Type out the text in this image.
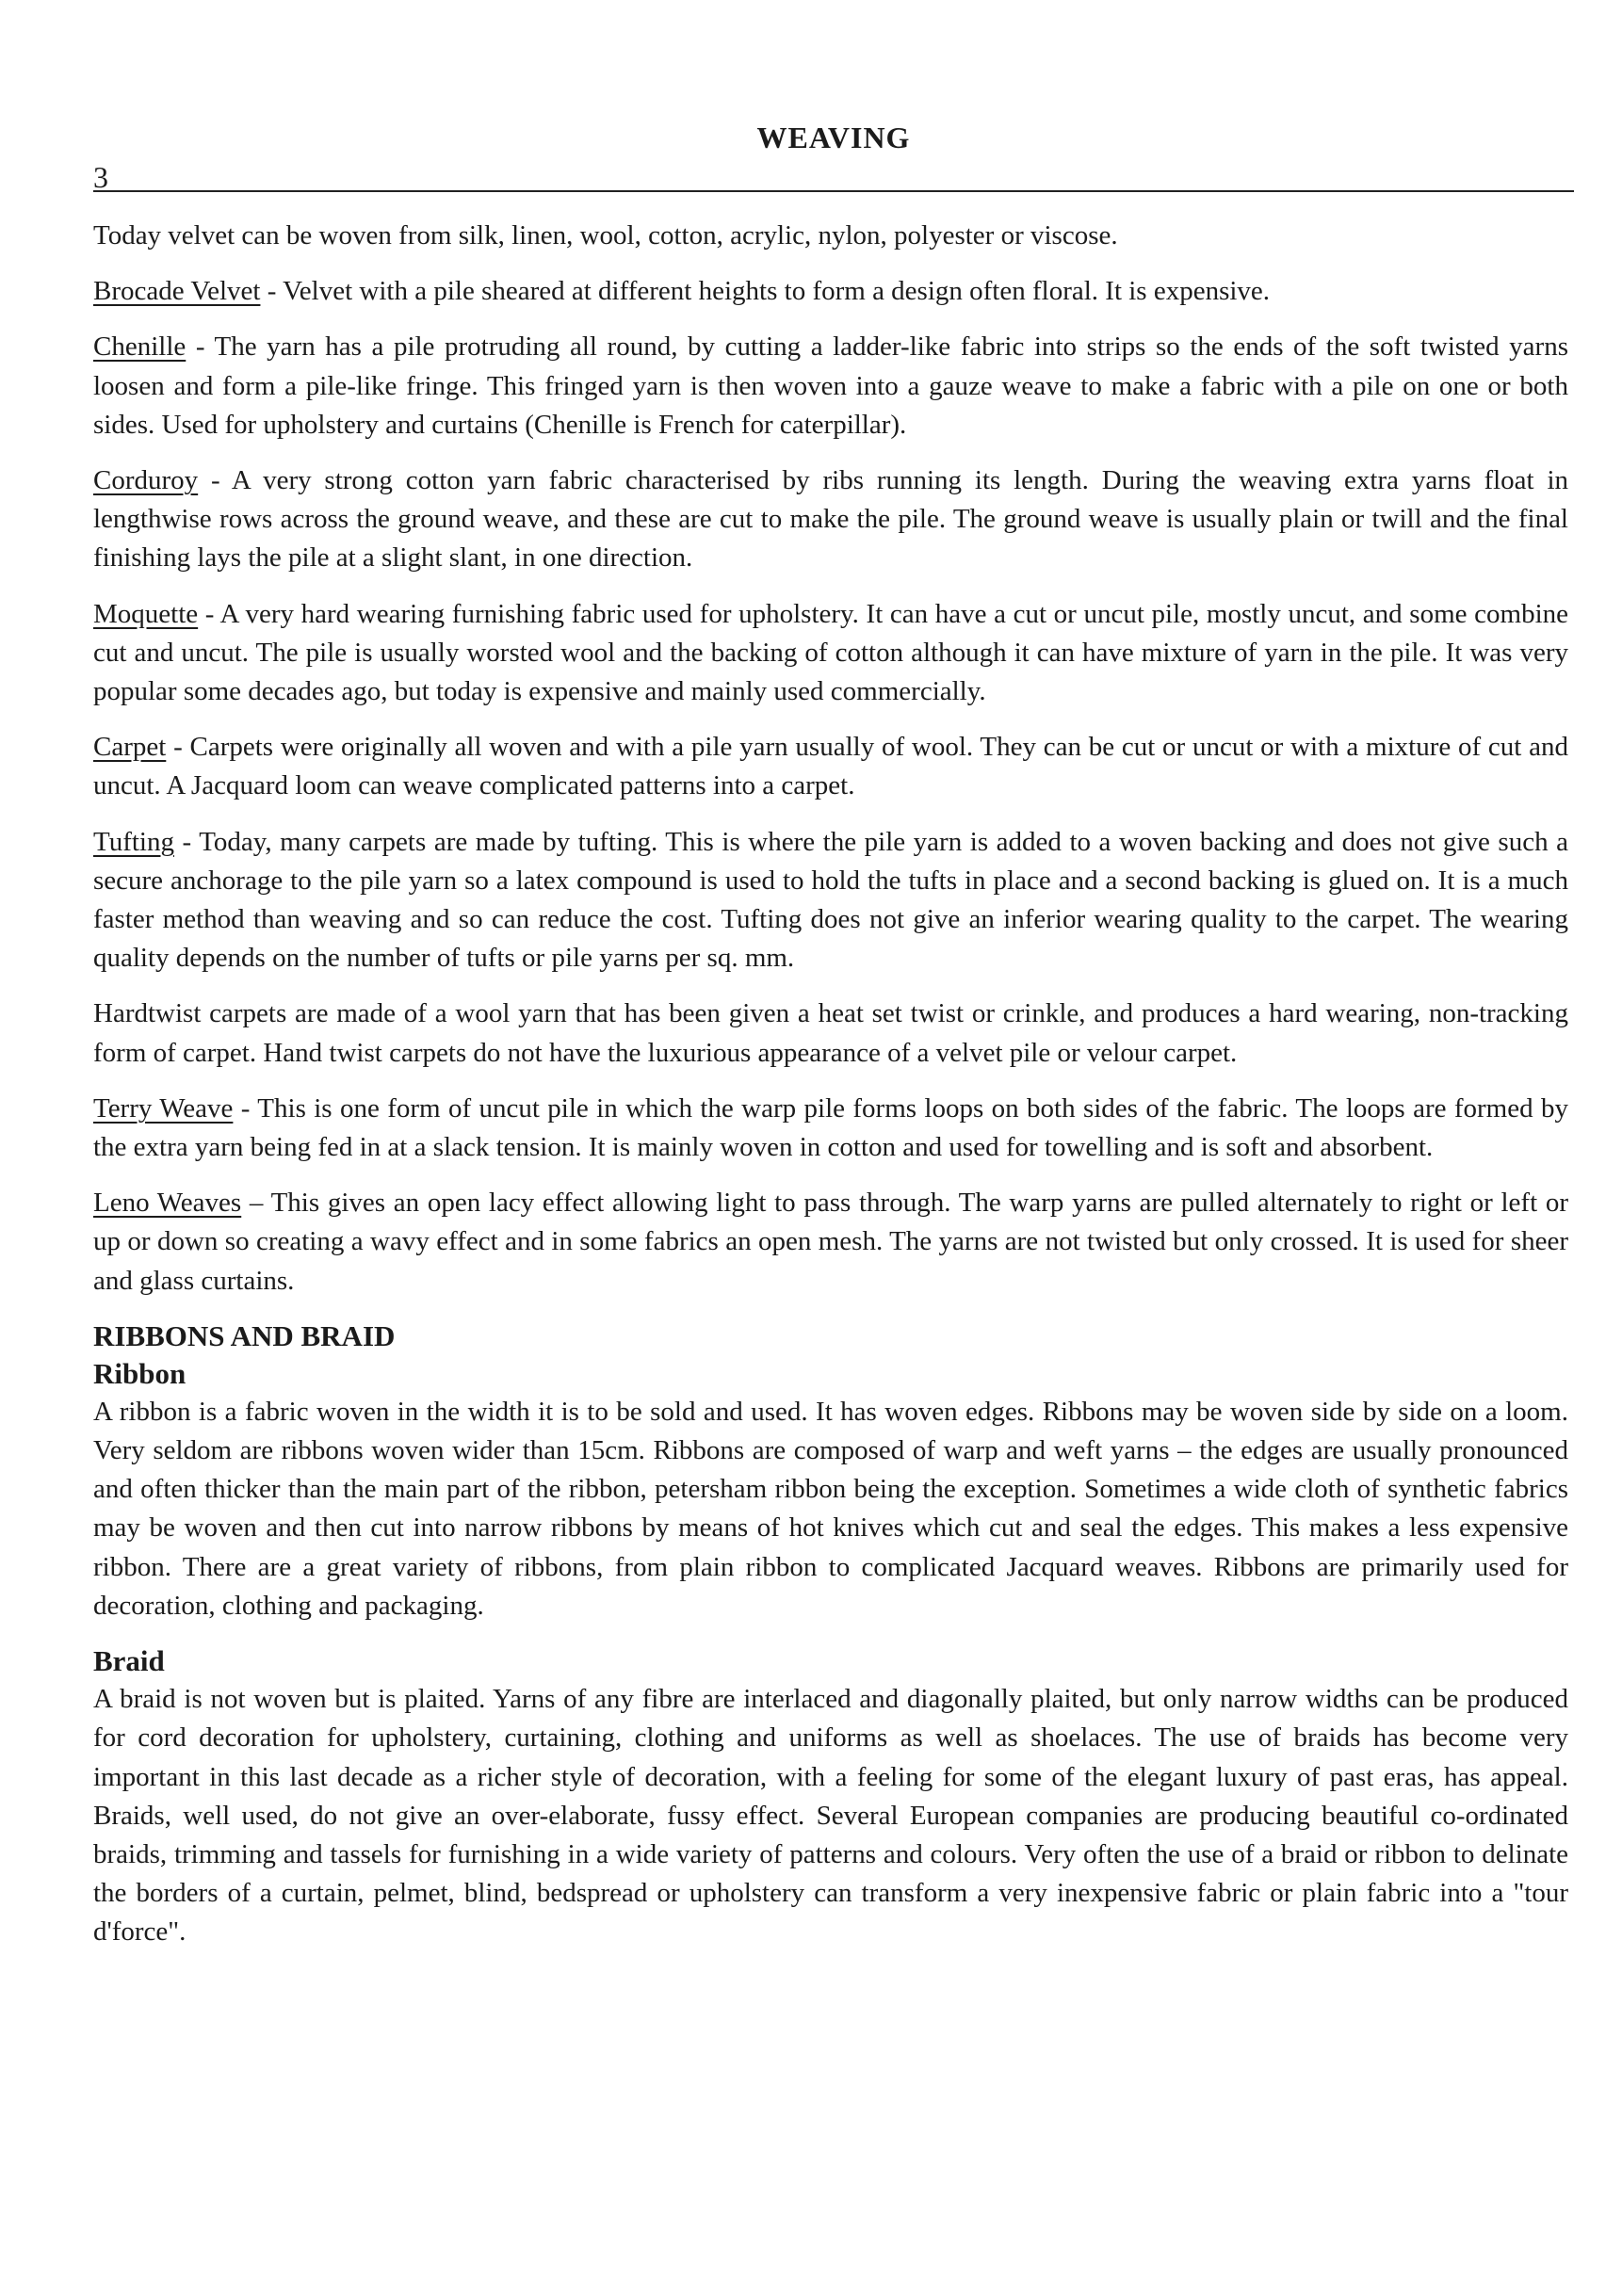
WEAVING
3

Today velvet can be woven from silk, linen, wool, cotton, acrylic, nylon, polyester or viscose.

Brocade Velvet - Velvet with a pile sheared at different heights to form a design often floral. It is expensive.

Chenille - The yarn has a pile protruding all round, by cutting a ladder-like fabric into strips so the ends of the soft twisted yarns loosen and form a pile-like fringe. This fringed yarn is then woven into a gauze weave to make a fabric with a pile on one or both sides. Used for upholstery and curtains (Chenille is French for caterpillar).

Corduroy - A very strong cotton yarn fabric characterised by ribs running its length. During the weaving extra yarns float in lengthwise rows across the ground weave, and these are cut to make the pile. The ground weave is usually plain or twill and the final finishing lays the pile at a slight slant, in one direction.

Moquette - A very hard wearing furnishing fabric used for upholstery. It can have a cut or uncut pile, mostly uncut, and some combine cut and uncut. The pile is usually worsted wool and the backing of cotton although it can have mixture of yarn in the pile. It was very popular some decades ago, but today is expensive and mainly used commercially.

Carpet - Carpets were originally all woven and with a pile yarn usually of wool. They can be cut or uncut or with a mixture of cut and uncut. A Jacquard loom can weave complicated patterns into a carpet.

Tufting - Today, many carpets are made by tufting. This is where the pile yarn is added to a woven backing and does not give such a secure anchorage to the pile yarn so a latex compound is used to hold the tufts in place and a second backing is glued on. It is a much faster method than weaving and so can reduce the cost. Tufting does not give an inferior wearing quality to the carpet. The wearing quality depends on the number of tufts or pile yarns per sq. mm.

Hardtwist carpets are made of a wool yarn that has been given a heat set twist or crinkle, and produces a hard wearing, non-tracking form of carpet. Hand twist carpets do not have the luxurious appearance of a velvet pile or velour carpet.

Terry Weave - This is one form of uncut pile in which the warp pile forms loops on both sides of the fabric. The loops are formed by the extra yarn being fed in at a slack tension. It is mainly woven in cotton and used for towelling and is soft and absorbent.

Leno Weaves – This gives an open lacy effect allowing light to pass through. The warp yarns are pulled alternately to right or left or up or down so creating a wavy effect and in some fabrics an open mesh. The yarns are not twisted but only crossed. It is used for sheer and glass curtains.

RIBBONS AND BRAID
Ribbon

A ribbon is a fabric woven in the width it is to be sold and used. It has woven edges. Ribbons may be woven side by side on a loom. Very seldom are ribbons woven wider than 15cm. Ribbons are composed of warp and weft yarns – the edges are usually pronounced and often thicker than the main part of the ribbon, petersham ribbon being the exception. Sometimes a wide cloth of synthetic fabrics may be woven and then cut into narrow ribbons by means of hot knives which cut and seal the edges. This makes a less expensive ribbon. There are a great variety of ribbons, from plain ribbon to complicated Jacquard weaves. Ribbons are primarily used for decoration, clothing and packaging.

Braid

A braid is not woven but is plaited. Yarns of any fibre are interlaced and diagonally plaited, but only narrow widths can be produced for cord decoration for upholstery, curtaining, clothing and uniforms as well as shoelaces. The use of braids has become very important in this last decade as a richer style of decoration, with a feeling for some of the elegant luxury of past eras, has appeal. Braids, well used, do not give an over-elaborate, fussy effect. Several European companies are producing beautiful co-ordinated braids, trimming and tassels for furnishing in a wide variety of patterns and colours. Very often the use of a braid or ribbon to delinate the borders of a curtain, pelmet, blind, bedspread or upholstery can transform a very inexpensive fabric or plain fabric into a "tour d'force".
